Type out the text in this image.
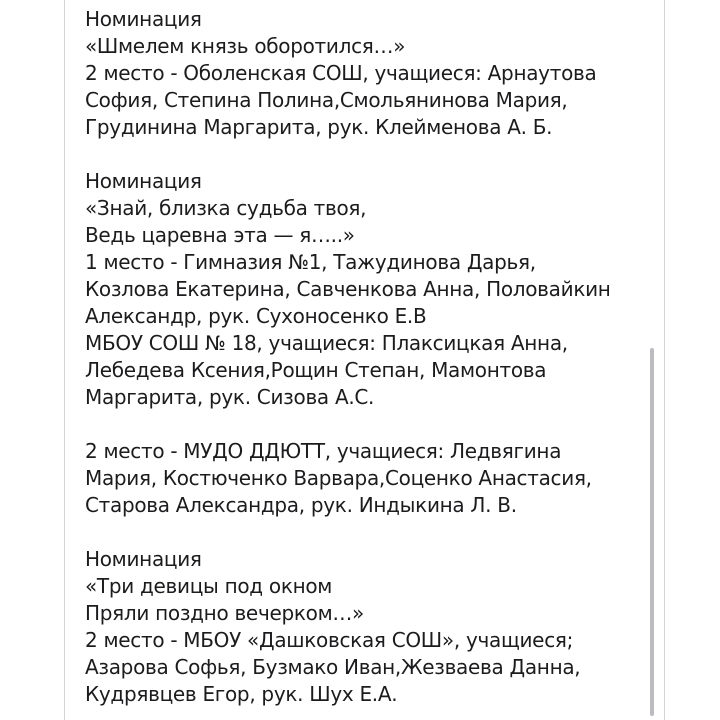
Номинация
«Шмелем князь оборотился…»
2 место - Оболенская СОШ, учащиеся: Арнаутова
София, Степина Полина,Смольянинова Мария,
Грудинина Маргарита, рук. Клейменова А. Б.
Номинация
«Знай, близка судьба твоя,
Ведь царевна эта — я…..»
1 место - Гимназия №1, Тажудинова Дарья,
Козлова Екатерина, Савченкова Анна, Половайкин
Александр, рук. Сухоносенко Е.В
МБОУ СОШ № 18, учащиеся: Плаксицкая Анна,
Лебедева Ксения,Рощин Степан, Мамонтова
Маргарита, рук. Сизова А.С.
2 место - МУДО ДДЮТТ, учащиеся: Ледвягина
Мария, Костюченко Варвара,Соценко Анастасия,
Старова Александра, рук. Индыкина Л. В.
Номинация
«Три девицы под окном
Пряли поздно вечерком…»
2 место - МБОУ «Дашковская СОШ», учащиеся;
Азарова Софья, Бузмако Иван,Жезваева Данна,
Кудрявцев Егор, рук. Шух Е.А.
